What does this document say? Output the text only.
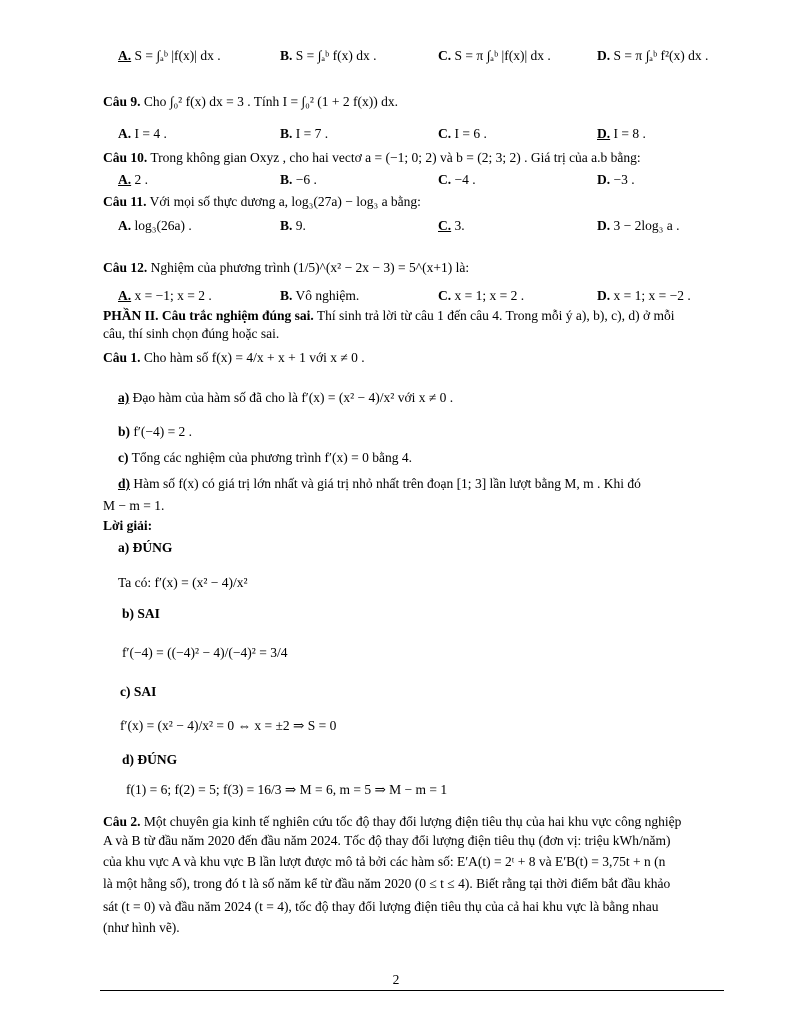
A. S = ∫ₐᵇ |f(x)| dx .	B. S = ∫ₐᵇ f(x) dx .	C. S = π ∫ₐᵇ |f(x)| dx .	D. S = π ∫ₐᵇ f²(x) dx .
Câu 9. Cho ∫₀² f(x) dx = 3 . Tính I = ∫₀² (1 + 2 f(x)) dx.
A. I = 4 .	B. I = 7 .	C. I = 6 .	D. I = 8 .
Câu 10. Trong không gian Oxyz , cho hai vectơ a = (−1; 0; 2) và b = (2; 3; 2) . Giá trị của a.b bằng:
A. 2 .	B. −6 .	C. −4 .	D. −3 .
Câu 11. Với mọi số thực dương a, log₃(27a) − log₃ a bằng:
A. log₃(26a) .	B. 9.	C. 3.	D. 3 − 2log₃ a .
Câu 12. Nghiệm của phương trình (1/5)^(x² − 2x − 3) = 5^(x+1) là:
A. x = −1; x = 2 .	B. Vô nghiệm.	C. x = 1; x = 2 .	D. x = 1; x = −2 .
PHẦN II. Câu trắc nghiệm đúng sai. Thí sinh trả lời từ câu 1 đến câu 4. Trong mỗi ý a), b), c), d) ở mỗi
câu, thí sinh chọn đúng hoặc sai.
Câu 1. Cho hàm số f(x) = 4/x + x + 1 với x ≠ 0 .
a) Đạo hàm của hàm số đã cho là f′(x) = (x² − 4)/x² với x ≠ 0 .
b) f′(−4) = 2 .
c) Tổng các nghiệm của phương trình f′(x) = 0 bằng 4.
d) Hàm số f(x) có giá trị lớn nhất và giá trị nhỏ nhất trên đoạn [1; 3] lần lượt bằng M, m . Khi đó
M − m = 1.
Lời giải:
a) ĐÚNG
Ta có: f′(x) = (x² − 4)/x²
b) SAI
f′(−4) = ((−4)² − 4)/(−4)² = 3/4
c) SAI
f′(x) = (x² − 4)/x² = 0 ⇔ x = ±2 ⇒ S = 0
d) ĐÚNG
f(1) = 6; f(2) = 5; f(3) = 16/3 ⇒ M = 6, m = 5 ⇒ M − m = 1
Câu 2. Một chuyên gia kinh tế nghiên cứu tốc độ thay đổi lượng điện tiêu thụ của hai khu vực công nghiệp
A và B từ đầu năm 2020 đến đầu năm 2024. Tốc độ thay đổi lượng điện tiêu thụ (đơn vị: triệu kWh/năm)
của khu vực A và khu vực B lần lượt được mô tả bởi các hàm số: E′A(t) = 2ᵗ + 8 và E′B(t) = 3,75t + n (n
là một hằng số), trong đó t là số năm kể từ đầu năm 2020 (0 ≤ t ≤ 4). Biết rằng tại thời điểm bắt đầu khảo
sát (t = 0) và đầu năm 2024 (t = 4), tốc độ thay đổi lượng điện tiêu thụ của cả hai khu vực là bằng nhau
(như hình vẽ).
2
